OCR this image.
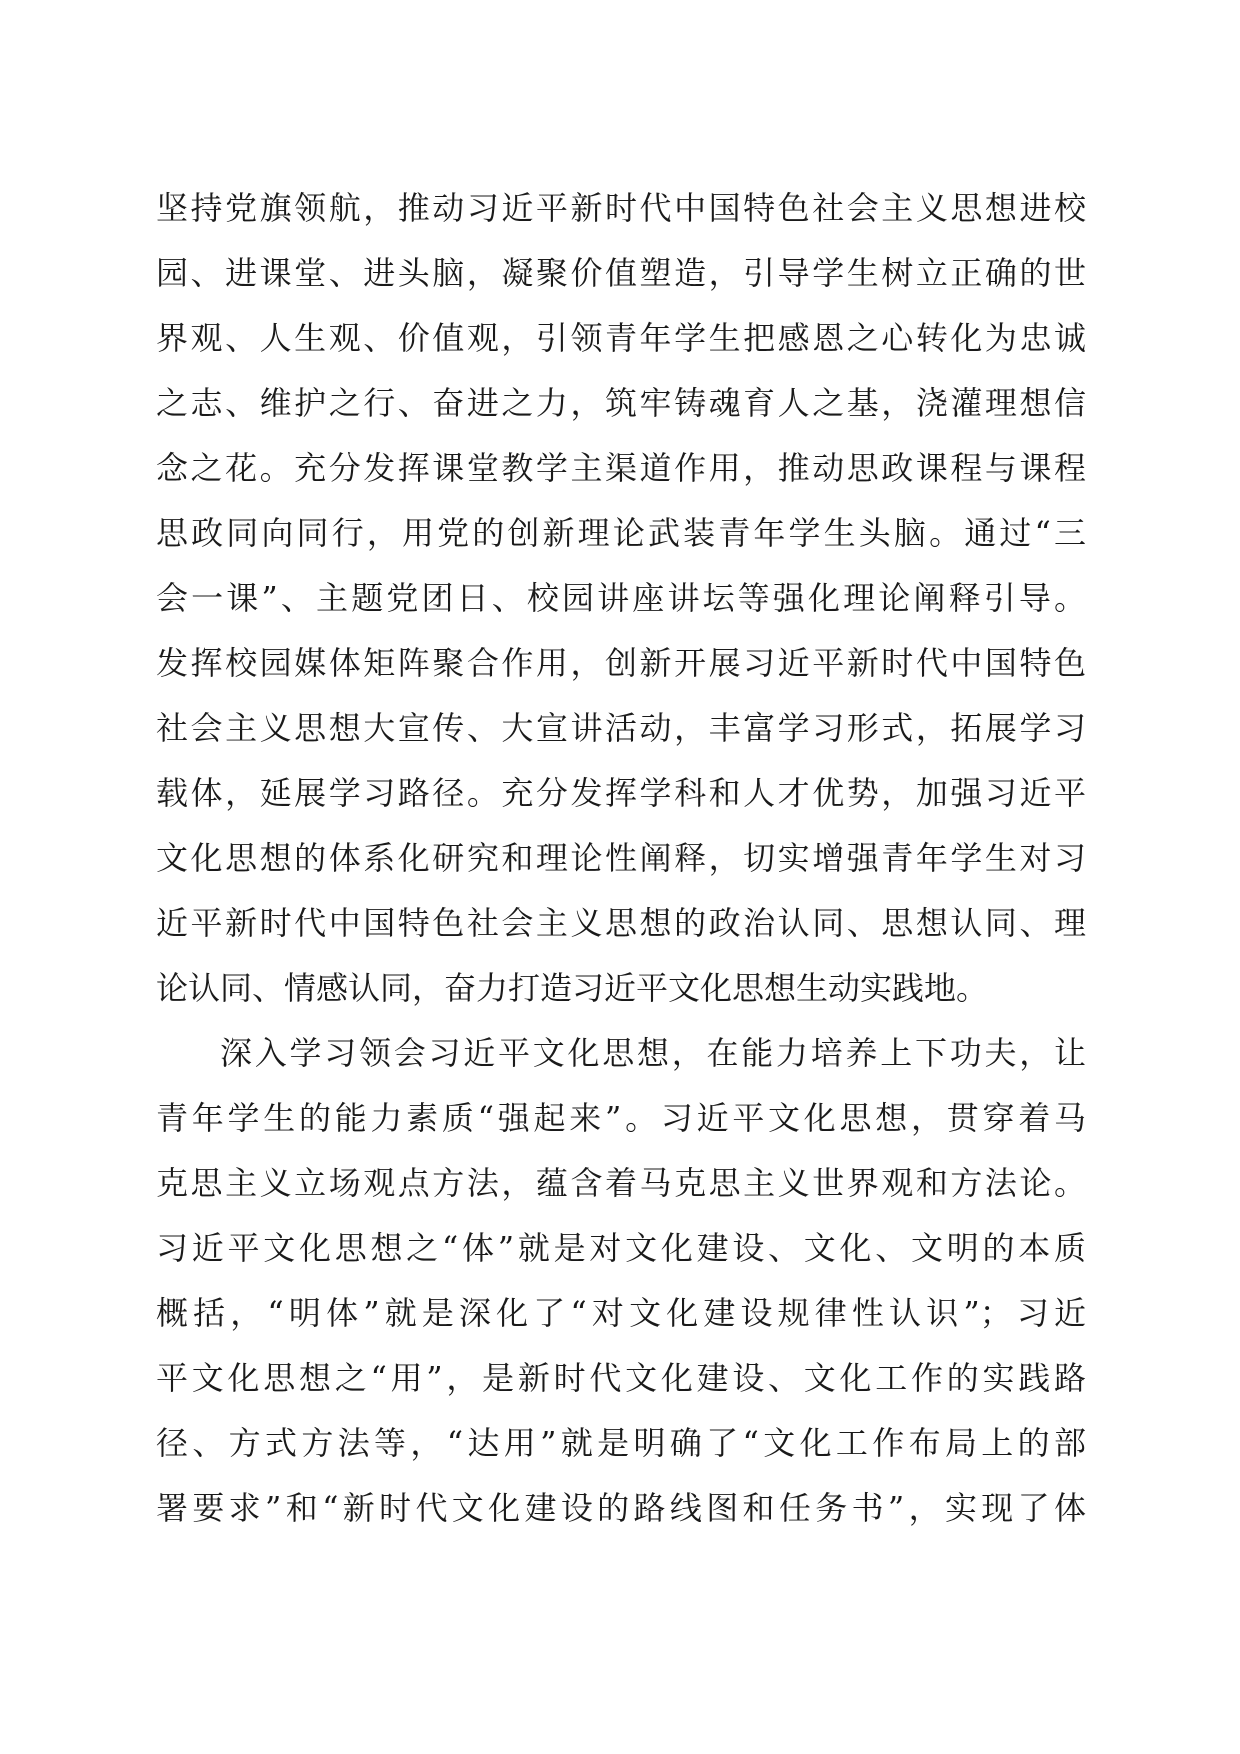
坚持党旗领航，推动习近平新时代中国特色社会主义思想进校
园、进课堂、进头脑，凝聚价值塑造，引导学生树立正确的世
界观、人生观、价值观，引领青年学生把感恩之心转化为忠诚
之志、维护之行、奋进之力，筑牢铸魂育人之基，浇灌理想信
念之花。充分发挥课堂教学主渠道作用，推动思政课程与课程
思政同向同行，用党的创新理论武装青年学生头脑。通过“三
会一课”、主题党团日、校园讲座讲坛等强化理论阐释引导。
发挥校园媒体矩阵聚合作用，创新开展习近平新时代中国特色
社会主义思想大宣传、大宣讲活动，丰富学习形式，拓展学习
载体，延展学习路径。充分发挥学科和人才优势，加强习近平
文化思想的体系化研究和理论性阐释，切实增强青年学生对习
近平新时代中国特色社会主义思想的政治认同、思想认同、理
论认同、情感认同，奋力打造习近平文化思想生动实践地。
深入学习领会习近平文化思想，在能力培养上下功夫，让
青年学生的能力素质“强起来”。习近平文化思想，贯穿着马
克思主义立场观点方法，蕴含着马克思主义世界观和方法论。
习近平文化思想之“体”就是对文化建设、文化、文明的本质
概括，“明体”就是深化了“对文化建设规律性认识”；习近
平文化思想之“用”，是新时代文化建设、文化工作的实践路
径、方式方法等，“达用”就是明确了“文化工作布局上的部
署要求”和“新时代文化建设的路线图和任务书”，实现了体
